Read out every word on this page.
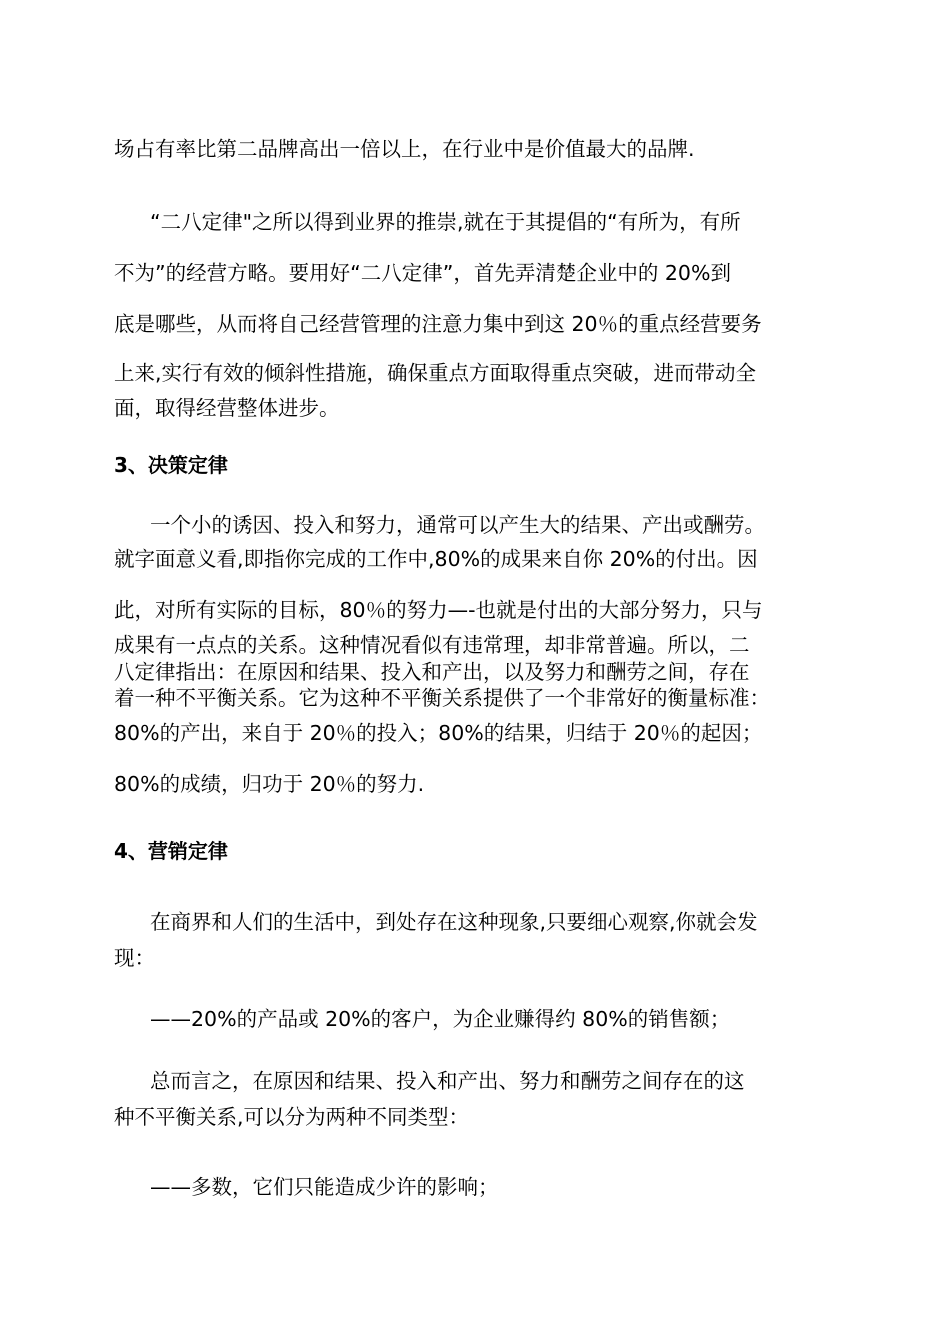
场占有率比第二品牌高出一倍以上，在行业中是价值最大的品牌.

“二八定律"之所以得到业界的推崇,就在于其提倡的“有所为，有所

不为”的经营方略。要用好“二八定律”，首先弄清楚企业中的 20%到

底是哪些，从而将自己经营管理的注意力集中到这 20％的重点经营要务

上来,实行有效的倾斜性措施，确保重点方面取得重点突破，进而带动全

面，取得经营整体进步。

3、决策定律

一个小的诱因、投入和努力，通常可以产生大的结果、产出或酬劳。

就字面意义看,即指你完成的工作中,80%的成果来自你 20%的付出。因

此，对所有实际的目标，80％的努力—-也就是付出的大部分努力，只与

成果有一点点的关系。这种情况看似有违常理，却非常普遍。所以，二

八定律指出：在原因和结果、投入和产出，以及努力和酬劳之间，存在

着一种不平衡关系。它为这种不平衡关系提供了一个非常好的衡量标准：

80%的产出，来自于 20％的投入；80%的结果，归结于 20％的起因；

80%的成绩，归功于 20％的努力.

4、营销定律

在商界和人们的生活中，到处存在这种现象,只要细心观察,你就会发

现：

——20%的产品或 20%的客户，为企业赚得约 80%的销售额；

总而言之，在原因和结果、投入和产出、努力和酬劳之间存在的这

种不平衡关系,可以分为两种不同类型：

——多数，它们只能造成少许的影响；
